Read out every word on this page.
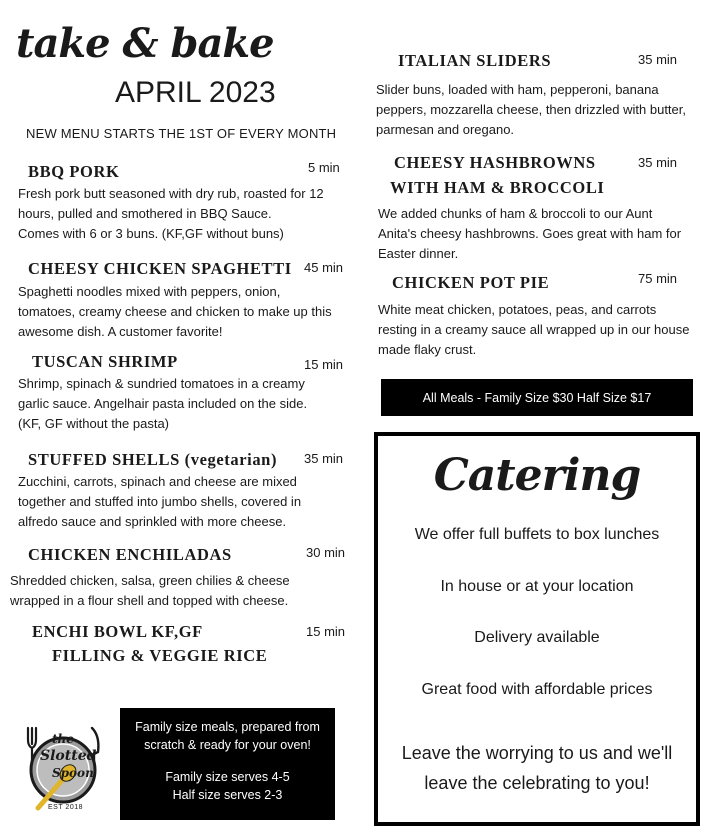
take & bake
APRIL 2023
NEW MENU STARTS THE 1ST OF EVERY MONTH
BBQ PORK	5 min
Fresh pork butt seasoned with dry rub, roasted for 12
hours, pulled and smothered in BBQ Sauce.
Comes with 6 or 3 buns. (KF,GF without buns)
CHEESY CHICKEN SPAGHETTI 45 min
Spaghetti noodles mixed with peppers, onion,
tomatoes, creamy cheese and chicken to make up this
awesome dish. A customer favorite!
TUSCAN SHRIMP	15 min
Shrimp, spinach & sundried tomatoes in a creamy
garlic sauce. Angelhair pasta included on the side.
(KF, GF without the pasta)
STUFFED SHELLS (vegetarian) 35 min
Zucchini, carrots, spinach and cheese are mixed
together and stuffed into jumbo shells, covered in
alfredo sauce and sprinkled with more cheese.
CHICKEN ENCHILADAS	30 min
Shredded chicken, salsa, green chilies & cheese
wrapped in a flour shell and topped with cheese.
ENCHI BOWL KF,GF
FILLING & VEGGIE RICE
15 min
ITALIAN SLIDERS	35 min
Slider buns, loaded with ham, pepperoni, banana
peppers, mozzarella cheese, then drizzled with butter,
parmesan and oregano.
CHEESY HASHBROWNS
WITH HAM & BROCCOLI
35 min
We added chunks of ham & broccoli to our Aunt
Anita's cheesy hashbrowns. Goes great with ham for
Easter dinner.
CHICKEN POT PIE	75 min
White meat chicken, potatoes, peas, and carrots
resting in a creamy sauce all wrapped up in our house
made flaky crust.
All Meals - Family Size $30 Half Size $17
Catering
We offer full buffets to box lunches
In house or at your location
Delivery available
Great food with affordable prices
Leave the worrying to us and we'll
leave the celebrating to you!
Family size meals, prepared from
scratch & ready for your oven!
Family size serves 4-5
Half size serves 2-3
the
Slotted
Spoon
EST 2018
